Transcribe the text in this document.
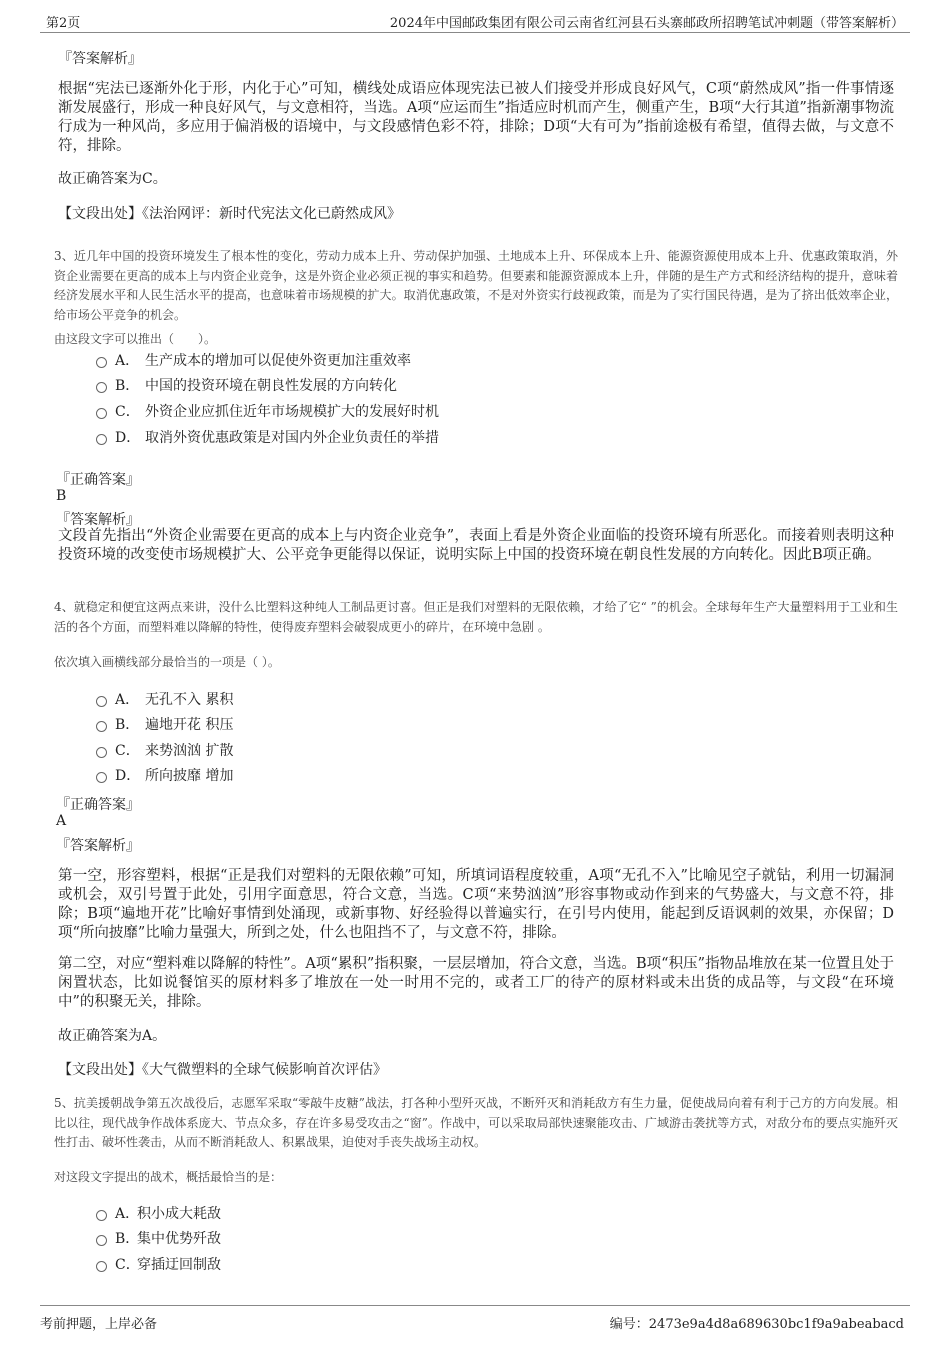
第2页	2024年中国邮政集团有限公司云南省红河县石头寨邮政所招聘笔试冲刺题（带答案解析）
『答案解析』
根据“宪法已逐渐外化于形，内化于心”可知，横线处成语应体现宪法已被人们接受并形成良好风气，C项“蔚然成风”指一件事情逐渐发展盛行，形成一种良好风气，与文意相符，当选。A项“应运而生”指适应时机而产生，侧重产生，B项“大行其道”指新潮事物流行成为一种风尚，多应用于偏消极的语境中，与文段感情色彩不符，排除；D项“大有可为”指前途极有希望，值得去做，与文意不符，排除。
故正确答案为C。
【文段出处】《法治网评：新时代宪法文化已蔚然成风》
3、近几年中国的投资环境发生了根本性的变化，劳动力成本上升、劳动保护加强、土地成本上升、环保成本上升、能源资源使用成本上升、优惠政策取消，外资企业需要在更高的成本上与内资企业竞争，这是外资企业必须正视的事实和趋势。但要素和能源资源成本上升，伴随的是生产方式和经济结构的提升，意味着经济发展水平和人民生活水平的提高，也意味着市场规模的扩大。取消优惠政策，不是对外资实行歧视政策，而是为了实行国民待遇，是为了挤出低效率企业，给市场公平竞争的机会。
由这段文字可以推出（　　）。
A． 生产成本的增加可以促使外资更加注重效率
B． 中国的投资环境在朝良性发展的方向转化
C． 外资企业应抓住近年市场规模扩大的发展好时机
D． 取消外资优惠政策是对国内外企业负责任的举措
『正确答案』
B
『答案解析』
文段首先指出“外资企业需要在更高的成本上与内资企业竞争”，表面上看是外资企业面临的投资环境有所恶化。而接着则表明这种投资环境的改变使市场规模扩大、公平竞争更能得以保证，说明实际上中国的投资环境在朝良性发展的方向转化。因此B项正确。
4、就稳定和便宜这两点来讲，没什么比塑料这种纯人工制品更讨喜。但正是我们对塑料的无限依赖，才给了它“ ”的机会。全球每年生产大量塑料用于工业和生活的各个方面，而塑料难以降解的特性，使得废弃塑料会破裂成更小的碎片，在环境中急剧 。
依次填入画横线部分最恰当的一项是（ ）。
A． 无孔不入 累积
B． 遍地开花 积压
C． 来势汹汹 扩散
D． 所向披靡 增加
『正确答案』
A
『答案解析』
第一空，形容塑料，根据“正是我们对塑料的无限依赖”可知，所填词语程度较重，A项“无孔不入”比喻见空子就钻，利用一切漏洞或机会，双引号置于此处，引用字面意思，符合文意，当选。C项“来势汹汹”形容事物或动作到来的气势盛大，与文意不符，排除；B项“遍地开花”比喻好事情到处涌现，或新事物、好经验得以普遍实行，在引号内使用，能起到反语讽刺的效果，亦保留；D项“所向披靡”比喻力量强大，所到之处，什么也阻挡不了，与文意不符，排除。
第二空，对应“塑料难以降解的特性”。A项“累积”指积聚，一层层增加，符合文意，当选。B项“积压”指物品堆放在某一位置且处于闲置状态，比如说餐馆买的原材料多了堆放在一处一时用不完的，或者工厂的待产的原材料或未出货的成品等，与文段“在环境中”的积聚无关，排除。
故正确答案为A。
【文段出处】《大气微塑料的全球气候影响首次评估》
5、抗美援朝战争第五次战役后，志愿军采取“零敲牛皮糖”战法，打各种小型歼灭战，不断歼灭和消耗敌方有生力量，促使战局向着有利于己方的方向发展。相比以往，现代战争作战体系庞大、节点众多，存在许多易受攻击之“窗”。作战中，可以采取局部快速聚能攻击、广域游击袭扰等方式，对敌分布的要点实施歼灭性打击、破坏性袭击，从而不断消耗敌人、积累战果，迫使对手丧失战场主动权。
对这段文字提出的战术，概括最恰当的是：
A．
积小成大耗敌
B．
集中优势歼敌
C．
穿插迂回制敌
考前押题，上岸必备	编号：2473e9a4d8a689630bc1f9a9abeabacd
